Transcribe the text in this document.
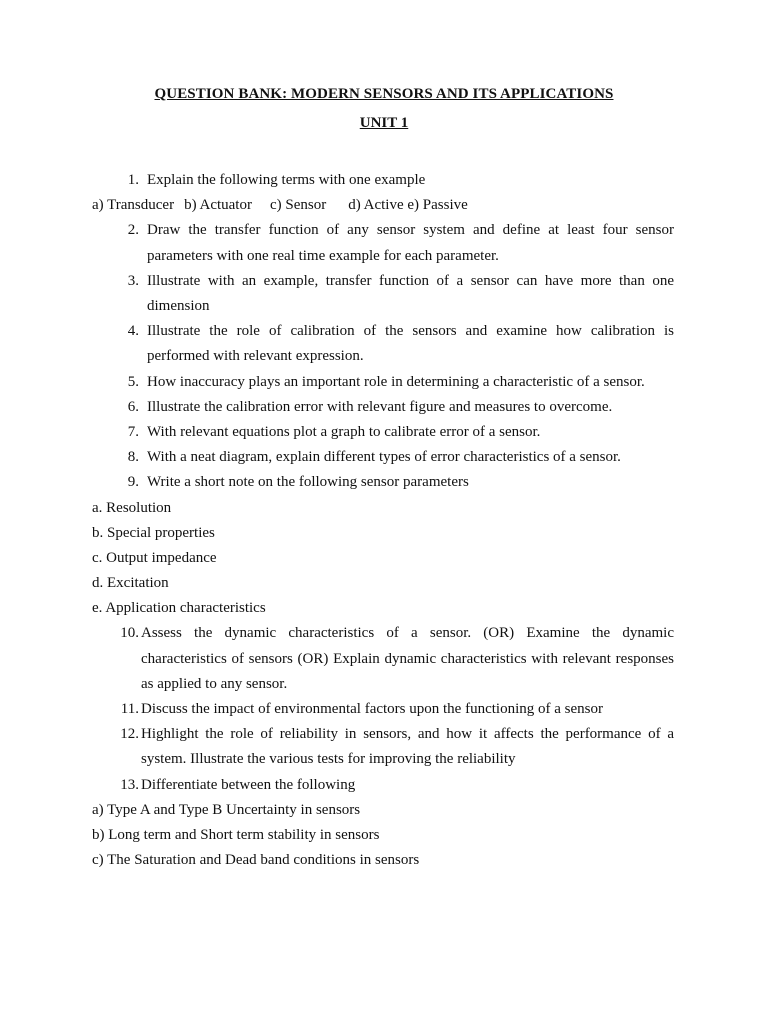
QUESTION BANK: MODERN SENSORS AND ITS APPLICATIONS
UNIT 1
1. Explain the following terms with one example
a) Transducer b) Actuator c) Sensor d) Active e) Passive
2. Draw the transfer function of any sensor system and define at least four sensor parameters with one real time example for each parameter.
3. Illustrate with an example, transfer function of a sensor can have more than one dimension
4. Illustrate the role of calibration of the sensors and examine how calibration is performed with relevant expression.
5. How inaccuracy plays an important role in determining a characteristic of a sensor.
6. Illustrate the calibration error with relevant figure and measures to overcome.
7. With relevant equations plot a graph to calibrate error of a sensor.
8. With a neat diagram, explain different types of error characteristics of a sensor.
9. Write a short note on the following sensor parameters
a. Resolution
b. Special properties
c. Output impedance
d. Excitation
e. Application characteristics
10. Assess the dynamic characteristics of a sensor. (OR) Examine the dynamic characteristics of sensors (OR) Explain dynamic characteristics with relevant responses as applied to any sensor.
11. Discuss the impact of environmental factors upon the functioning of a sensor
12. Highlight the role of reliability in sensors, and how it affects the performance of a system. Illustrate the various tests for improving the reliability
13. Differentiate between the following
a) Type A and Type B Uncertainty in sensors
b) Long term and Short term stability in sensors
c) The Saturation and Dead band conditions in sensors
